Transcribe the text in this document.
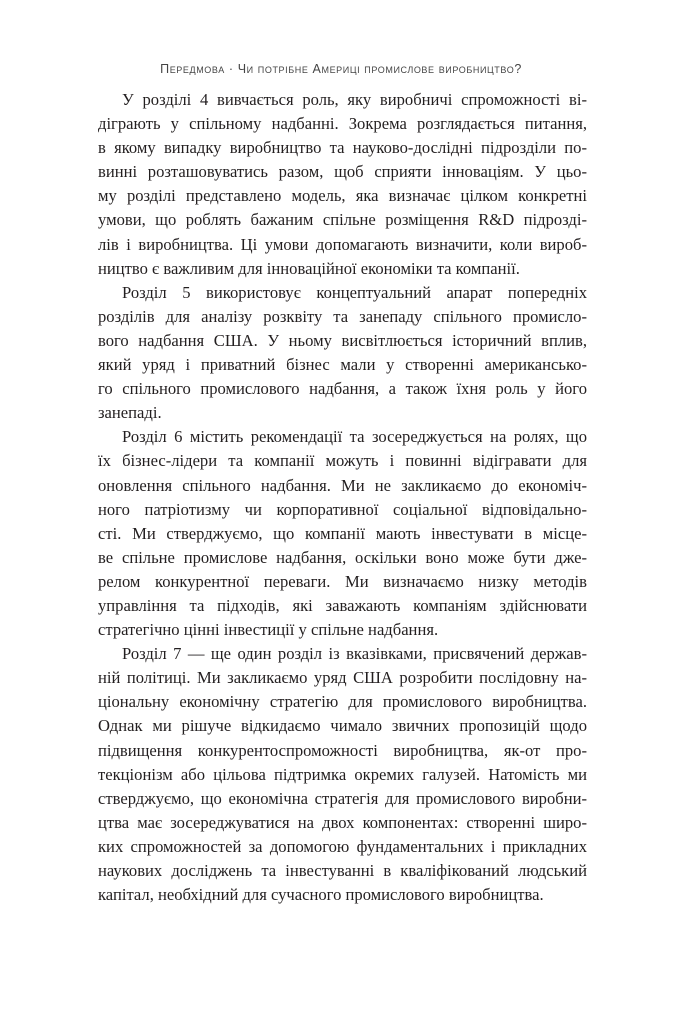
Передмова · Чи потрібне Америці промислове виробництво?
У розділі 4 вивчається роль, яку виробничі спроможності ві-
дiграють у спільному надбанні. Зокрема розглядається питання,
в якому випадку виробництво та науково-дослідні підрозділи по-
винні розташовуватись разом, щоб сприяти інноваціям. У цьо-
му розділі представлено модель, яка визначає цілком конкретні
умови, що роблять бажаним спільне розміщення R&D підрозді-
лів і виробництва. Ці умови допомагають визначити, коли вироб-
ництво є важливим для інноваційної економіки та компанії.
Розділ 5 використовує концептуальний апарат попередніх
розділів для аналізу розквіту та занепаду спільного промисло-
вого надбання США. У ньому висвітлюється історичний вплив,
який уряд і приватний бізнес мали у створенні американсько-
го спільного промислового надбання, а також їхня роль у його
занепаді.
Розділ 6 містить рекомендації та зосереджується на ролях, що
їх бізнес-лідери та компанії можуть і повинні відігравати для
оновлення спільного надбання. Ми не закликаємо до економіч-
ного патріотизму чи корпоративної соціальної відповідально-
сті. Ми стверджуємо, що компанії мають інвестувати в місце-
ве спільне промислове надбання, оскільки воно може бути дже-
релом конкурентної переваги. Ми визначаємо низку методів
управління та підходів, які заважають компаніям здійснювати
стратегічно цінні інвестиції у спільне надбання.
Розділ 7 — ще один розділ із вказівками, присвячений держав-
ній політиці. Ми закликаємо уряд США розробити послідовну на-
ціональну економічну стратегію для промислового виробництва.
Однак ми рішуче відкидаємо чимало звичних пропозицій щодо
підвищення конкурентоспроможності виробництва, як-от про-
текціонізм або цільова підтримка окремих галузей. Натомість ми
стверджуємо, що економічна стратегія для промислового виробни-
цтва має зосереджуватися на двох компонентах: створенні широ-
ких спроможностей за допомогою фундаментальних і прикладних
наукових досліджень та інвестуванні в кваліфікований людський
капітал, необхідний для сучасного промислового виробництва.
